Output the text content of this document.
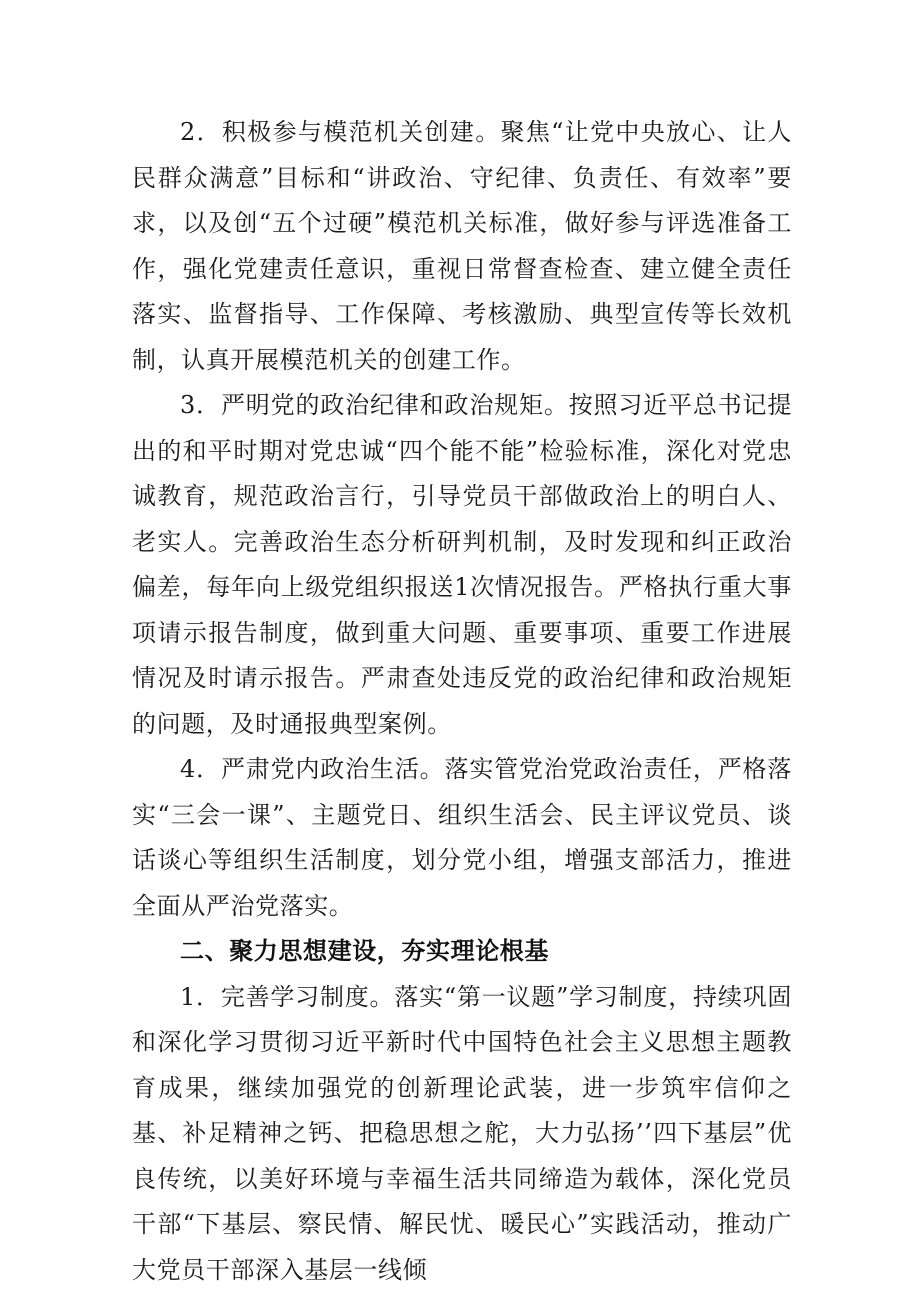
2．积极参与模范机关创建。聚焦“让党中央放心、让人民群众满意”目标和“讲政治、守纪律、负责任、有效率”要求，以及创“五个过硬”模范机关标准，做好参与评选准备工作，强化党建责任意识，重视日常督查检查、建立健全责任落实、监督指导、工作保障、考核激励、典型宣传等长效机制，认真开展模范机关的创建工作。

3．严明党的政治纪律和政治规矩。按照习近平总书记提出的和平时期对党忠诚“四个能不能”检验标准，深化对党忠诚教育，规范政治言行，引导党员干部做政治上的明白人、老实人。完善政治生态分析研判机制，及时发现和纠正政治偏差，每年向上级党组织报送1次情况报告。严格执行重大事项请示报告制度，做到重大问题、重要事项、重要工作进展情况及时请示报告。严肃查处违反党的政治纪律和政治规矩的问题，及时通报典型案例。

4．严肃党内政治生活。落实管党治党政治责任，严格落实“三会一课”、主题党日、组织生活会、民主评议党员、谈话谈心等组织生活制度，划分党小组，增强支部活力，推进全面从严治党落实。

二、聚力思想建设，夯实理论根基

1．完善学习制度。落实“第一议题”学习制度，持续巩固和深化学习贯彻习近平新时代中国特色社会主义思想主题教育成果，继续加强党的创新理论武装，进一步筑牢信仰之基、补足精神之钙、把稳思想之舵，大力弘扬’’四下基层”优良传统，以美好环境与幸福生活共同缔造为载体，深化党员干部“下基层、察民情、解民忧、暖民心”实践活动，推动广大党员干部深入基层一线倾
